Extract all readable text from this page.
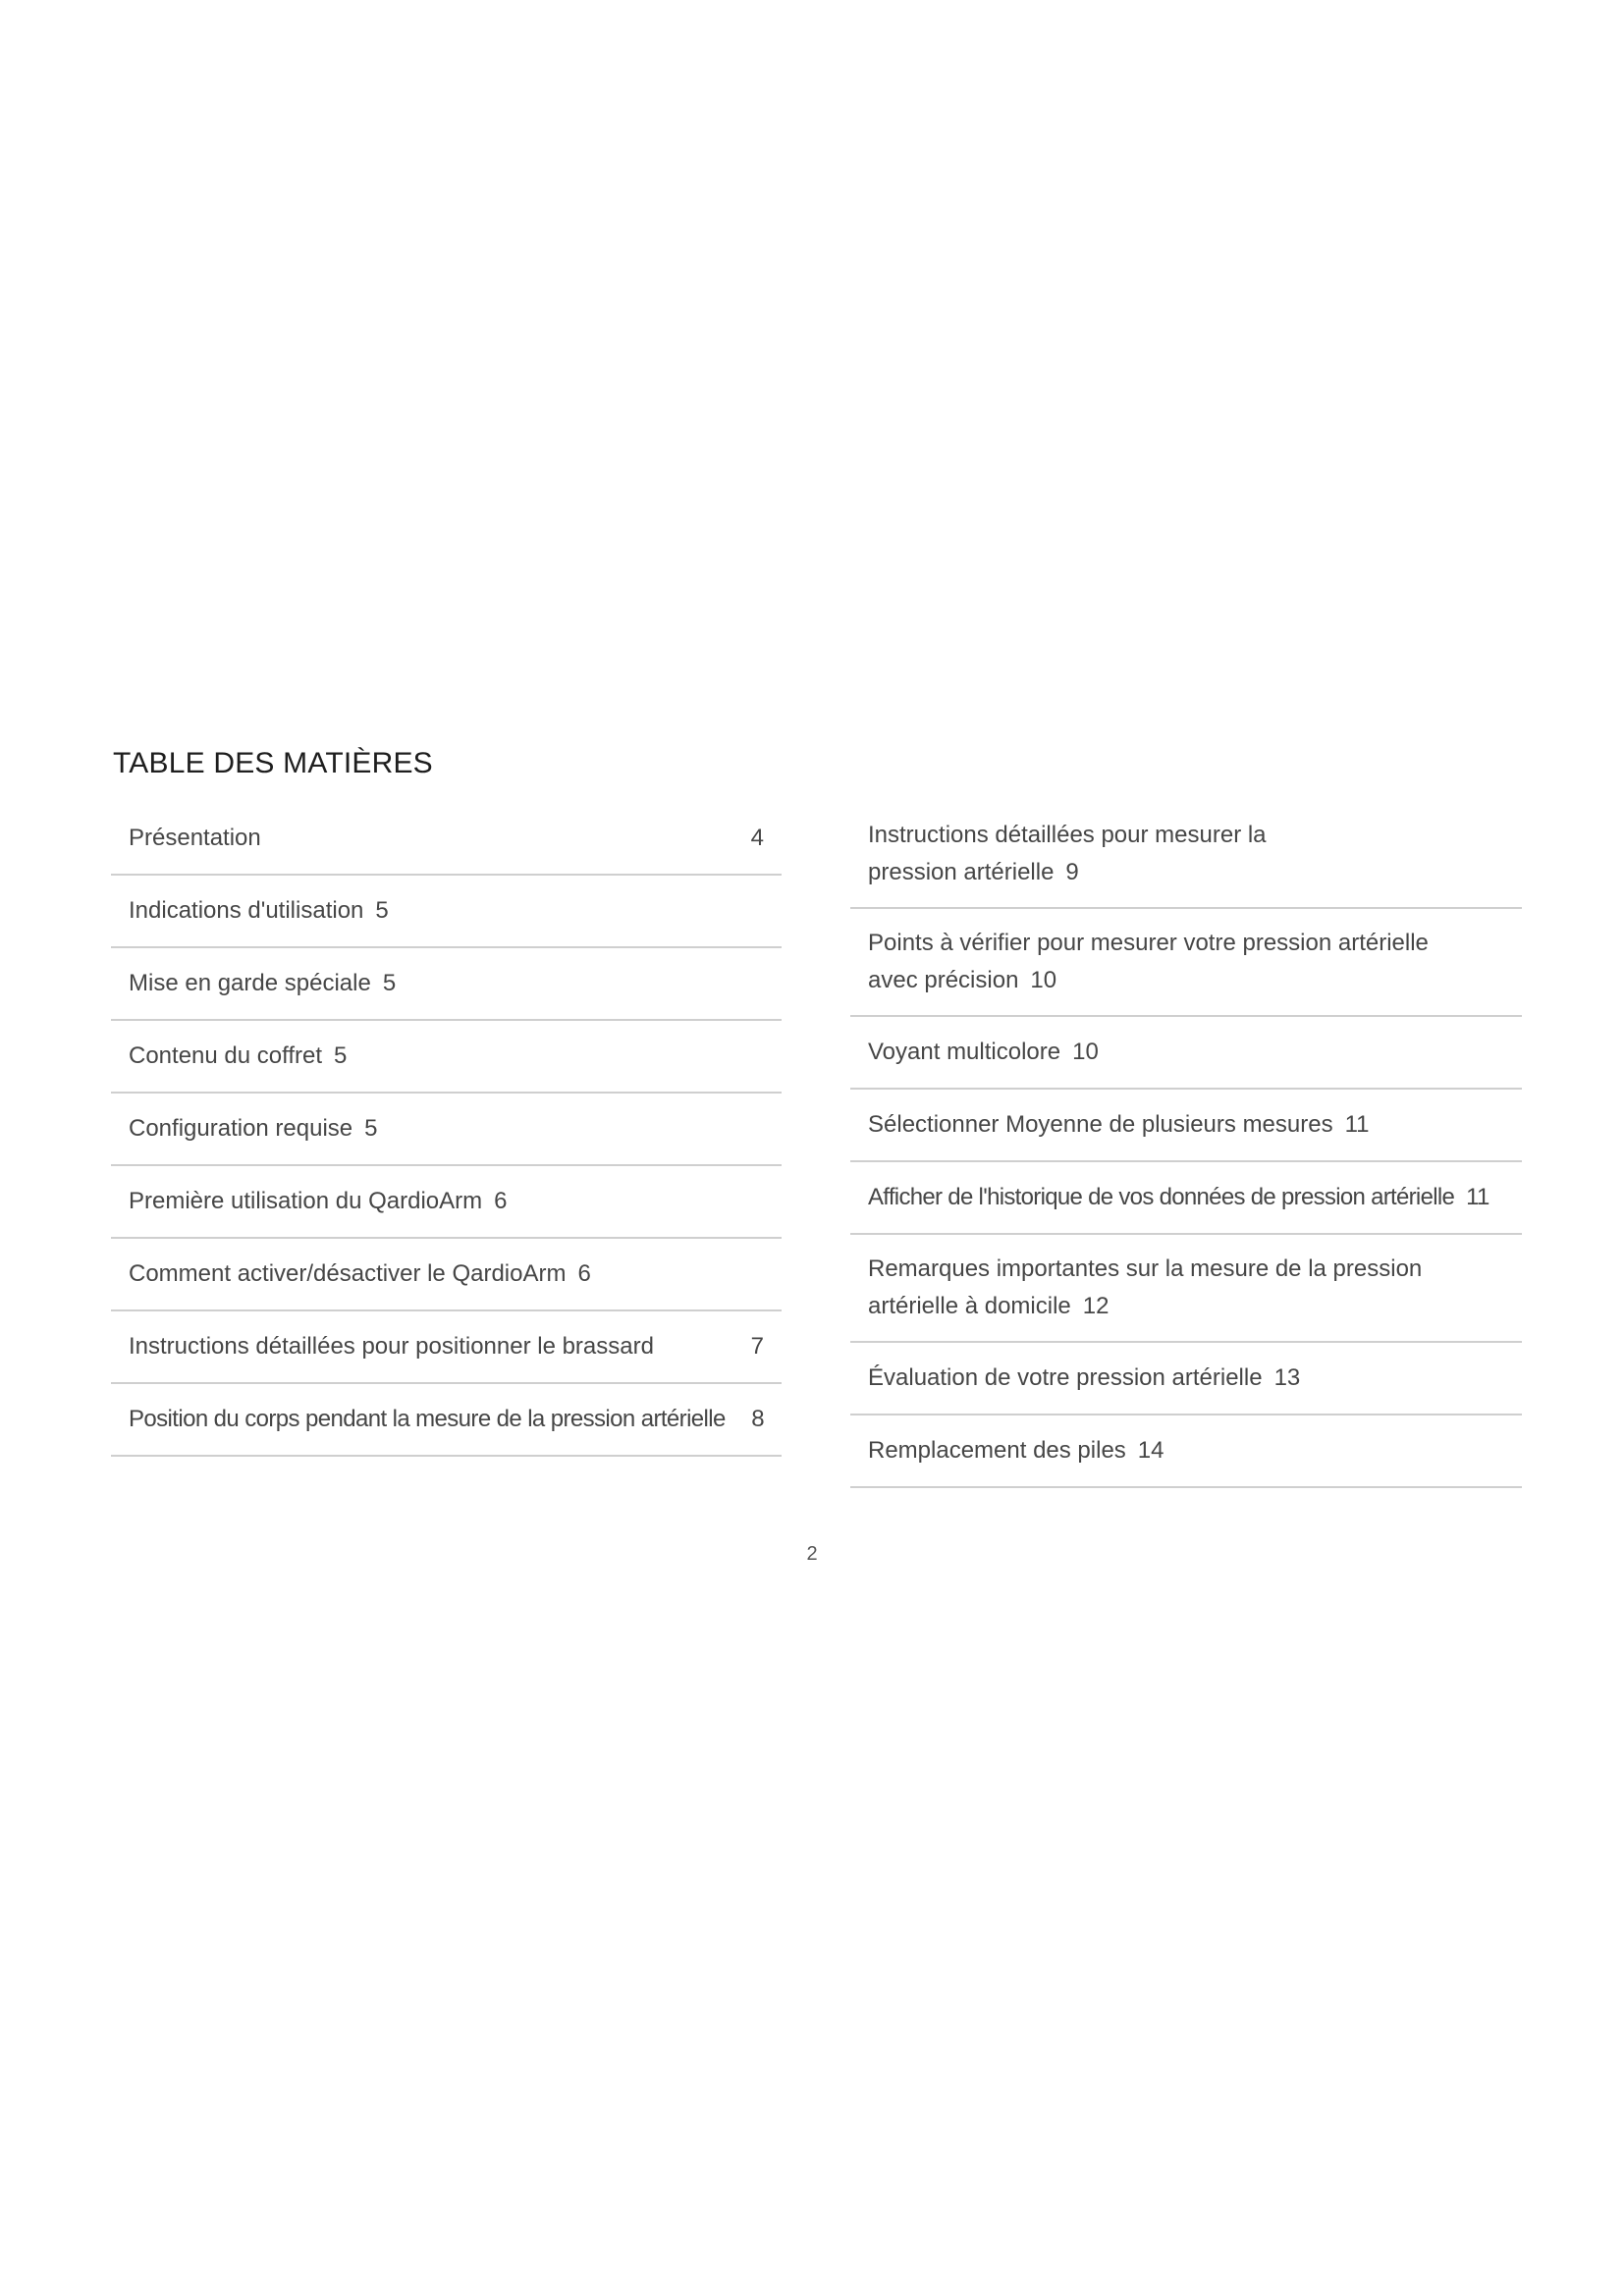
TABLE DES MATIÈRES
Présentation	4
Indications d'utilisation 5
Mise en garde spéciale 5
Contenu du coffret 5
Configuration requise 5
Première utilisation du QardioArm 6
Comment activer/désactiver le QardioArm 6
Instructions détaillées pour positionner le brassard	7
Position du corps pendant la mesure de la pression artérielle	8
Instructions détaillées pour mesurer la
pression artérielle 9
Points à vérifier pour mesurer votre pression artérielle
avec précision 10
Voyant multicolore 10
Sélectionner Moyenne de plusieurs mesures 11
Afficher de l'historique de vos données de pression artérielle 11
Remarques importantes sur la mesure de la pression
artérielle à domicile 12
Évaluation de votre pression artérielle 13
Remplacement des piles 14
2
